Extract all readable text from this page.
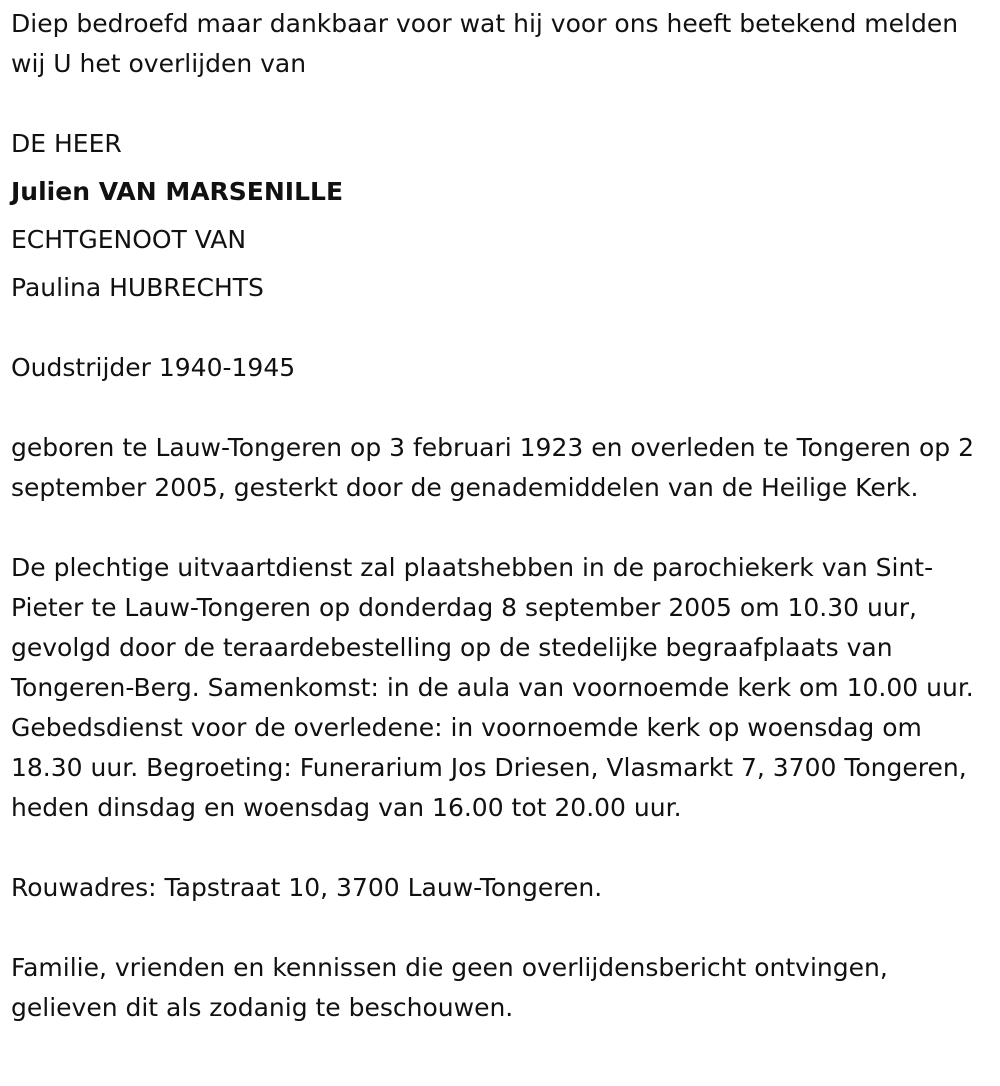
Diep bedroefd maar dankbaar voor wat hij voor ons heeft betekend melden wij U het overlijden van

DE HEER
Julien VAN MARSENILLE
ECHTGENOOT VAN
Paulina HUBRECHTS

Oudstrijder 1940-1945

geboren te Lauw-Tongeren op 3 februari 1923 en overleden te Tongeren op 2 september 2005, gesterkt door de genademiddelen van de Heilige Kerk.

De plechtige uitvaartdienst zal plaatshebben in de parochiekerk van Sint-Pieter te Lauw-Tongeren op donderdag 8 september 2005 om 10.30 uur, gevolgd door de teraardebestelling op de stedelijke begraafplaats van Tongeren-Berg. Samenkomst: in de aula van voornoemde kerk om 10.00 uur. Gebedsdienst voor de overledene: in voornoemde kerk op woensdag om 18.30 uur. Begroeting: Funerarium Jos Driesen, Vlasmarkt 7, 3700 Tongeren, heden dinsdag en woensdag van 16.00 tot 20.00 uur.

Rouwadres: Tapstraat 10, 3700 Lauw-Tongeren.

Familie, vrienden en kennissen die geen overlijdensbericht ontvingen, gelieven dit als zodanig te beschouwen.
